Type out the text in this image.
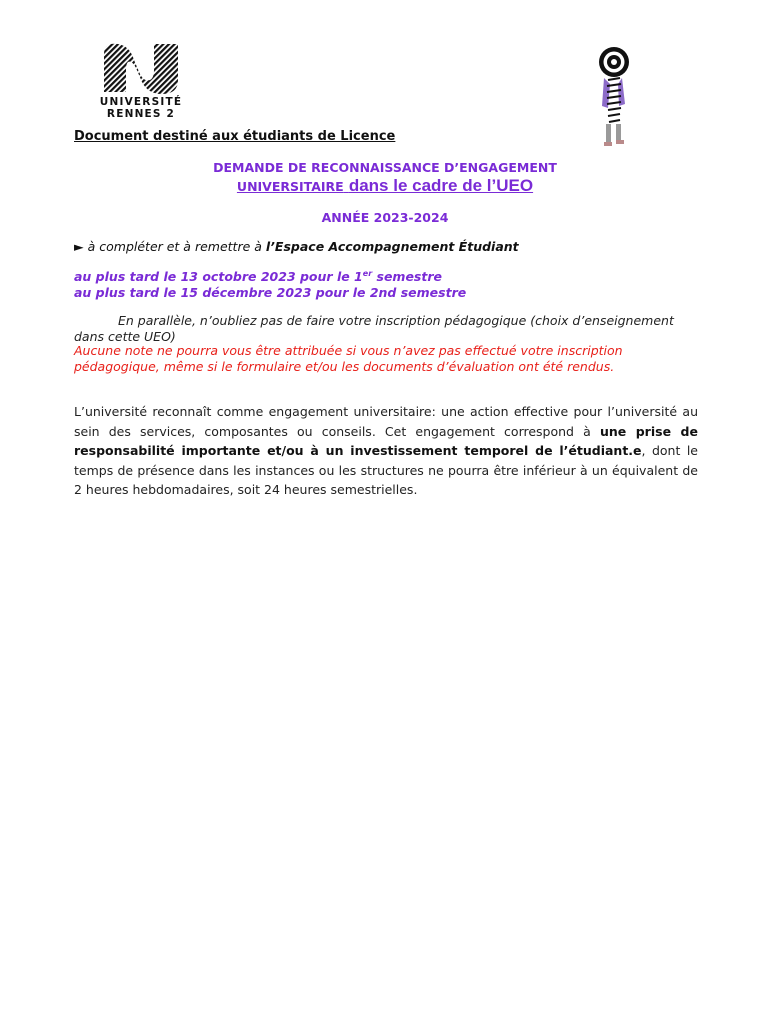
UNIVERSITÉ
RENNES 2
Document destiné aux étudiants de Licence
DEMANDE DE RECONNAISSANCE D’ENGAGEMENT
UNIVERSITAIRE dans le cadre de l’UEO
ANNÉE 2023-2024
► à compléter et à remettre à l’Espace Accompagnement Étudiant
au plus tard le 13 octobre 2023 pour le 1er semestre
au plus tard le 15 décembre 2023 pour le 2nd semestre
En parallèle, n’oubliez pas de faire votre inscription pédagogique (choix d’enseignement dans cette UEO)
Aucune note ne pourra vous être attribuée si vous n’avez pas effectué votre inscription pédagogique, même si le formulaire et/ou les documents d’évaluation ont été rendus.
L’université reconnaît comme engagement universitaire: une action effective pour l’université au sein des services, composantes ou conseils. Cet engagement correspond à une prise de responsabilité importante et/ou à un investissement temporel de l’étudiant.e, dont le temps de présence dans les instances ou les structures ne pourra être inférieur à un équivalent de 2 heures hebdomadaires, soit 24 heures semestrielles.
